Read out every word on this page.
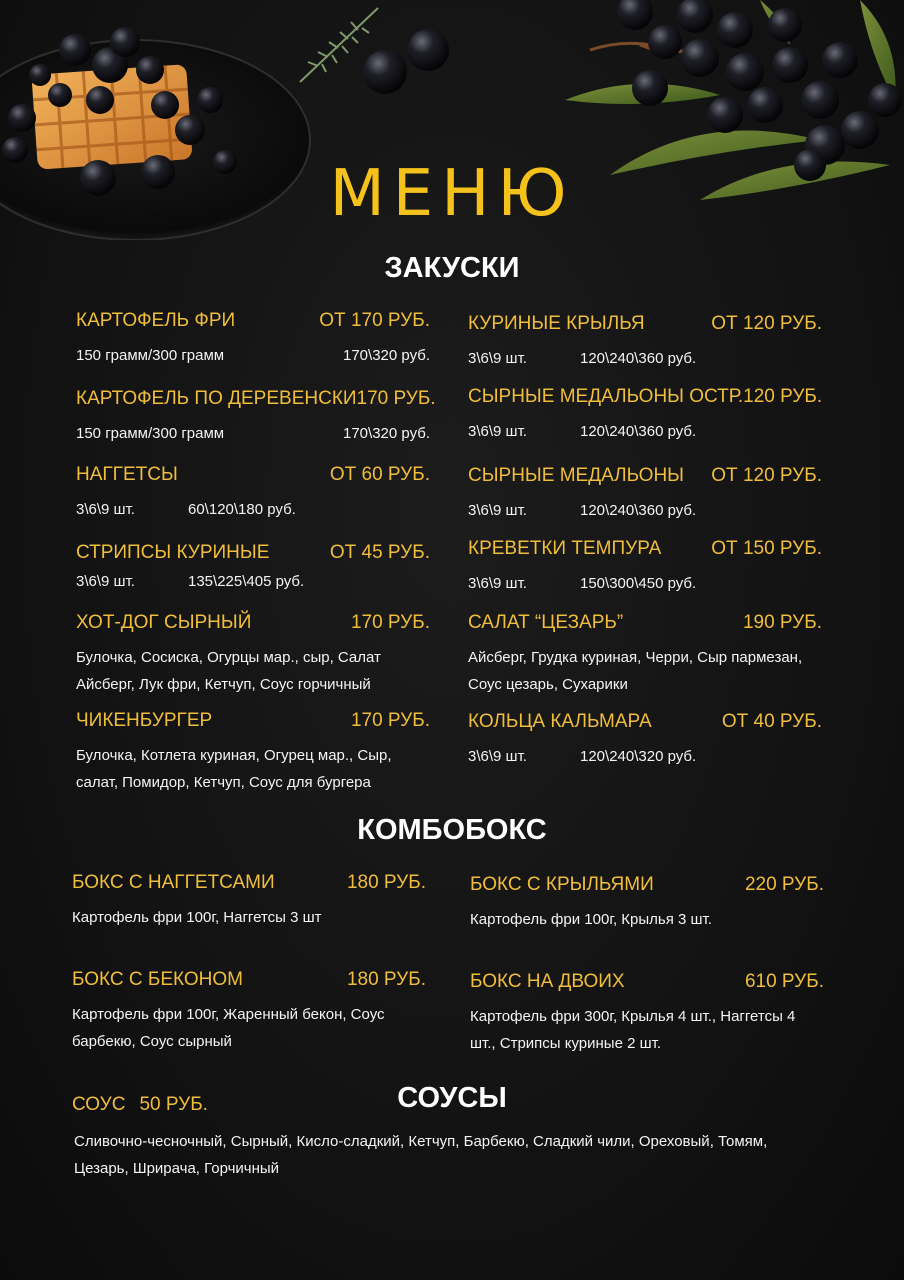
МЕНЮ
ЗАКУСКИ
КАРТОФЕЛЬ ФРИ	ОТ 170 РУБ.
150 грамм/300 грамм	170\320 руб.
КАРТОФЕЛЬ ПО ДЕРЕВЕНСКИ 170 РУБ.
150 грамм/300 грамм	170\320 руб.
НАГГЕТСЫ	ОТ 60 РУБ.
3\6\9 шт.	60\120\180 руб.
СТРИПСЫ КУРИНЫЕ	ОТ 45 РУБ.
3\6\9 шт.	135\225\405 руб.
ХОТ-ДОГ СЫРНЫЙ	170 РУБ.
Булочка, Сосиска, Огурцы мар., сыр, Салат Айсберг, Лук фри, Кетчуп, Соус горчичный
ЧИКЕНБУРГЕР	170 РУБ.
Булочка, Котлета куриная, Огурец мар., Сыр, салат, Помидор, Кетчуп, Соус для бургера
КУРИНЫЕ КРЫЛЬЯ	ОТ 120 РУБ.
3\6\9 шт.	120\240\360 руб.
СЫРНЫЕ МЕДАЛЬОНЫ ОСТР. 120 РУБ.
3\6\9 шт.	120\240\360 руб.
СЫРНЫЕ МЕДАЛЬОНЫ ОТ 120 РУБ.
3\6\9 шт.	120\240\360 руб.
КРЕВЕТКИ ТЕМПУРА	ОТ 150 РУБ.
3\6\9 шт.	150\300\450 руб.
САЛАТ “ЦЕЗАРЬ”	190 РУБ.
Айсберг, Грудка куриная, Черри, Сыр пармезан, Соус цезарь, Сухарики
КОЛЬЦА КАЛЬМАРА	ОТ 40 РУБ.
3\6\9 шт.	120\240\320 руб.
КОМБОБОКС
БОКС С НАГГЕТСАМИ	180 РУБ.
Картофель фри 100г, Наггетсы 3 шт
БОКС С БЕКОНОМ	180 РУБ.
Картофель фри 100г, Жаренный бекон, Соус барбекю, Соус сырный
БОКС С КРЫЛЬЯМИ	220 РУБ.
Картофель фри 100г, Крылья 3 шт.
БОКС НА ДВОИХ	610 РУБ.
Картофель фри 300г, Крылья 4 шт., Наггетсы 4 шт., Стрипсы куриные 2 шт.
СОУСЫ
СОУС 50 РУБ.
Сливочно-чесночный, Сырный, Кисло-сладкий, Кетчуп, Барбекю, Сладкий чили, Ореховый, Томям, Цезарь, Шрирача, Горчичный
